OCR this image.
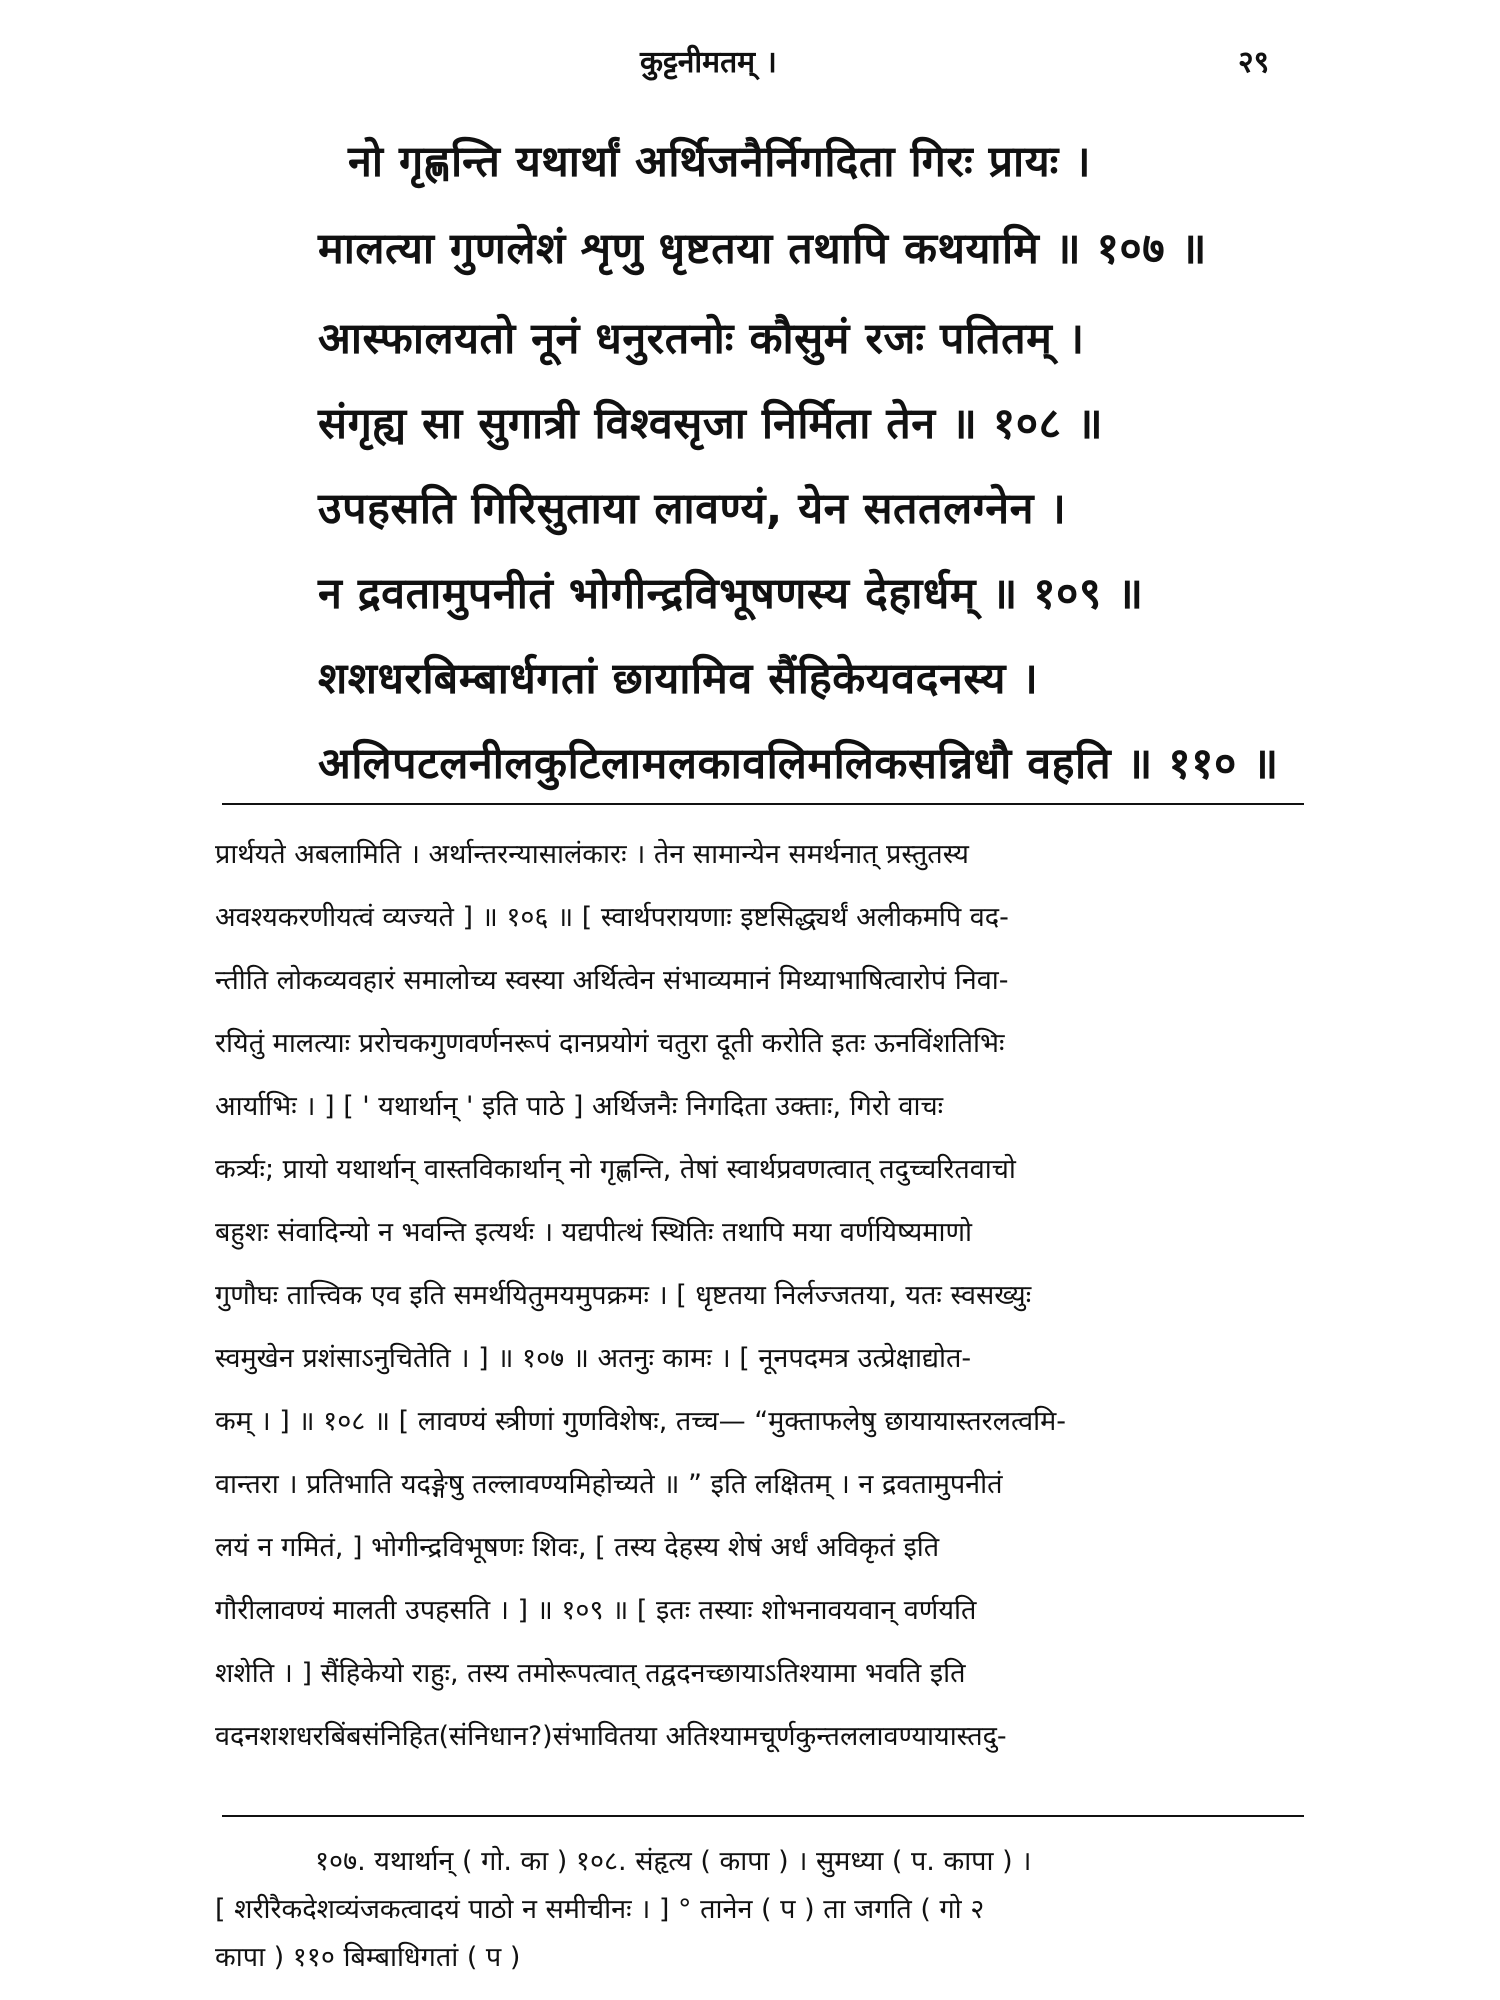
कुट्टनीमतम् ।	२९
नो गृह्णन्ति यथार्थां अर्थिजनैर्निगदिता गिरः प्रायः ।
मालत्या गुणलेशं शृणु धृष्टतया तथापि कथयामि ॥ १०७ ॥
आस्फालयतो नूनं धनुरतनोः कौसुमं रजः पतितम् ।
संगृह्य सा सुगात्री विश्वसृजा निर्मिता तेन ॥ १०८ ॥
उपहसति गिरिसुताया लावण्यं, येन सततलग्नेन ।
न द्रवतामुपनीतं भोगीन्द्रविभूषणस्य देहार्धम् ॥ १०९ ॥
शशधरबिम्बार्धगतां छायामिव सैंहिकेयवदनस्य ।
अलिपटलनीलकुटिलामलकावलिमलिकसन्निधौ वहति ॥ ११० ॥
प्रार्थयते अबलामिति । अर्थान्तरन्यासालंकारः । तेन सामान्येन समर्थनात् प्रस्तुतस्य
अवश्यकरणीयत्वं व्यज्यते ] ॥ १०६ ॥ [ स्वार्थपरायणाः इष्टसिद्ध्यर्थं अलीकमपि वद-
न्तीति लोकव्यवहारं समालोच्य स्वस्या अर्थित्वेन संभाव्यमानं मिथ्याभाषित्वारोपं निवा-
रयितुं मालत्याः प्ररोचकगुणवर्णनरूपं दानप्रयोगं चतुरा दूती करोति इतः ऊनविंशतिभिः
आर्याभिः । ] [ ' यथार्थान् ' इति पाठे ] अर्थिजनैः निगदिता उक्ताः, गिरो वाचः
कर्त्र्यः; प्रायो यथार्थान् वास्तविकार्थान् नो गृह्णन्ति, तेषां स्वार्थप्रवणत्वात् तदुच्चरितवाचो
बहुशः संवादिन्यो न भवन्ति इत्यर्थः । यद्यपीत्थं स्थितिः तथापि मया वर्णयिष्यमाणो
गुणौघः तात्त्विक एव इति समर्थयितुमयमुपक्रमः । [ धृष्टतया निर्लज्जतया, यतः स्वसख्युः
स्वमुखेन प्रशंसाऽनुचितेति । ] ॥ १०७ ॥ अतनुः कामः । [ नूनपदमत्र उत्प्रेक्षाद्योत-
कम् । ] ॥ १०८ ॥ [ लावण्यं स्त्रीणां गुणविशेषः, तच्च— “मुक्ताफलेषु छायायास्तरलत्वमि-
वान्तरा । प्रतिभाति यदङ्गेषु तल्लावण्यमिहोच्यते ॥ ” इति लक्षितम् । न द्रवतामुपनीतं
लयं न गमितं, ] भोगीन्द्रविभूषणः शिवः, [ तस्य देहस्य शेषं अर्धं अविकृतं इति
गौरीलावण्यं मालती उपहसति । ] ॥ १०९ ॥ [ इतः तस्याः शोभनावयवान् वर्णयति
शशेति । ] सैंहिकेयो राहुः, तस्य तमोरूपत्वात् तद्वदनच्छायाऽतिश्यामा भवति इति
वदनशशधरबिंबसंनिहित(संनिधान?)संभावितया अतिश्यामचूर्णकुन्तललावण्यायास्तदु-
१०७. यथार्थान् ( गो. का ) १०८. संहृत्य ( कापा ) । सुमध्या ( प. कापा ) ।
[ शरीरैकदेशव्यंजकत्वादयं पाठो न समीचीनः । ] ° तानेन ( प ) ता जगति ( गो २
कापा ) ११० बिम्बाधिगतां ( प )
